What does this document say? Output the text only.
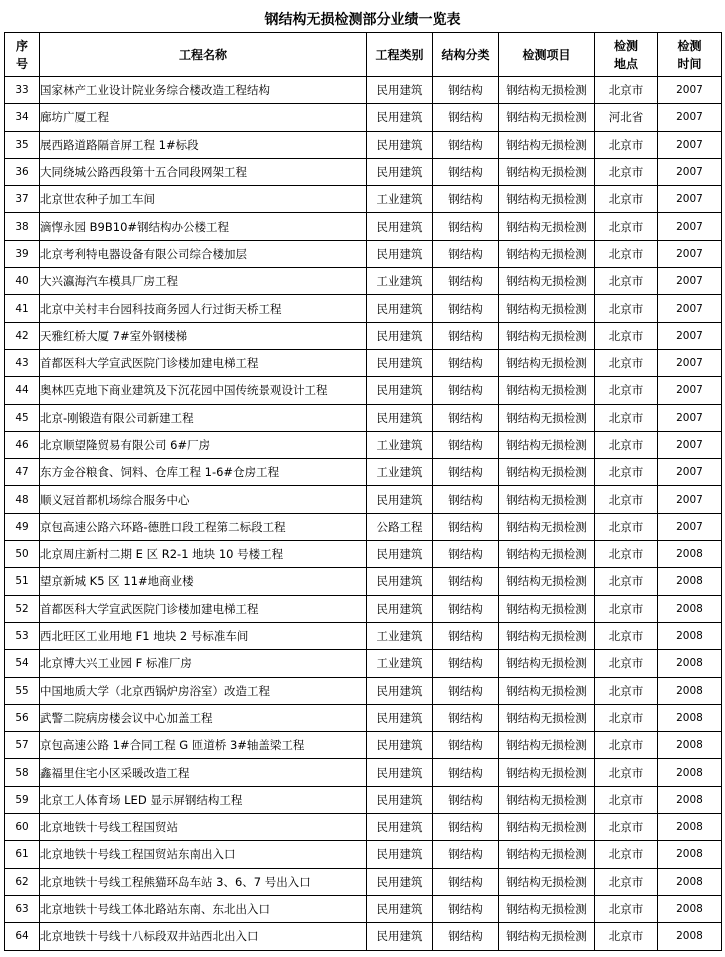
钢结构无损检测部分业绩一览表
序号	工程名称	工程类别	结构分类	检测项目	检测地点	检测时间
33	国家林产工业设计院业务综合楼改造工程结构	民用建筑	钢结构	钢结构无损检测	北京市	2007
34	廊坊广厦工程	民用建筑	钢结构	钢结构无损检测	河北省	2007
35	展西路道路隔音屏工程 1#标段	民用建筑	钢结构	钢结构无损检测	北京市	2007
36	大同绕城公路西段第十五合同段网架工程	民用建筑	钢结构	钢结构无损检测	北京市	2007
37	北京世农种子加工车间	工业建筑	钢结构	钢结构无损检测	北京市	2007
38	滴惸永园 B9B10#钢结构办公楼工程	民用建筑	钢结构	钢结构无损检测	北京市	2007
39	北京考利特电器设备有限公司综合楼加层	民用建筑	钢结构	钢结构无损检测	北京市	2007
40	大兴瀛海汽车模具厂房工程	工业建筑	钢结构	钢结构无损检测	北京市	2007
41	北京中关村丰台园科技商务园人行过街天桥工程	民用建筑	钢结构	钢结构无损检测	北京市	2007
42	天雅红桥大厦 7#室外钢楼梯	民用建筑	钢结构	钢结构无损检测	北京市	2007
43	首都医科大学宣武医院门诊楼加建电梯工程	民用建筑	钢结构	钢结构无损检测	北京市	2007
44	奥林匹克地下商业建筑及下沉花园中国传统景观设计工程	民用建筑	钢结构	钢结构无损检测	北京市	2007
45	北京-刚锻造有限公司新建工程	民用建筑	钢结构	钢结构无损检测	北京市	2007
46	北京顺望隆贸易有限公司 6#厂房	工业建筑	钢结构	钢结构无损检测	北京市	2007
47	东方金谷粮食、饲料、仓库工程 1-6#仓房工程	工业建筑	钢结构	钢结构无损检测	北京市	2007
48	顺义冠首都机场综合服务中心	民用建筑	钢结构	钢结构无损检测	北京市	2007
49	京包高速公路六环路-德胜口段工程第二标段工程	公路工程	钢结构	钢结构无损检测	北京市	2007
50	北京周庄新村二期 E 区 R2-1 地块 10 号楼工程	民用建筑	钢结构	钢结构无损检测	北京市	2008
51	望京新城 K5 区 11#地商业楼	民用建筑	钢结构	钢结构无损检测	北京市	2008
52	首都医科大学宣武医院门诊楼加建电梯工程	民用建筑	钢结构	钢结构无损检测	北京市	2008
53	西北旺区工业用地 F1 地块 2 号标准车间	工业建筑	钢结构	钢结构无损检测	北京市	2008
54	北京博大兴工业园 F 标准厂房	工业建筑	钢结构	钢结构无损检测	北京市	2008
55	中国地质大学（北京西锅炉房浴室）改造工程	民用建筑	钢结构	钢结构无损检测	北京市	2008
56	武警二院病房楼会议中心加盖工程	民用建筑	钢结构	钢结构无损检测	北京市	2008
57	京包高速公路 1#合同工程 G 匝道桥 3#轴盖梁工程	民用建筑	钢结构	钢结构无损检测	北京市	2008
58	鑫福里住宅小区采暖改造工程	民用建筑	钢结构	钢结构无损检测	北京市	2008
59	北京工人体育场 LED 显示屏钢结构工程	民用建筑	钢结构	钢结构无损检测	北京市	2008
60	北京地铁十号线工程国贸站	民用建筑	钢结构	钢结构无损检测	北京市	2008
61	北京地铁十号线工程国贸站东南出入口	民用建筑	钢结构	钢结构无损检测	北京市	2008
62	北京地铁十号线工程熊猫环岛车站 3、6、7 号出入口	民用建筑	钢结构	钢结构无损检测	北京市	2008
63	北京地铁十号线工体北路站东南、东北出入口	民用建筑	钢结构	钢结构无损检测	北京市	2008
64	北京地铁十号线十八标段双井站西北出入口	民用建筑	钢结构	钢结构无损检测	北京市	2008
